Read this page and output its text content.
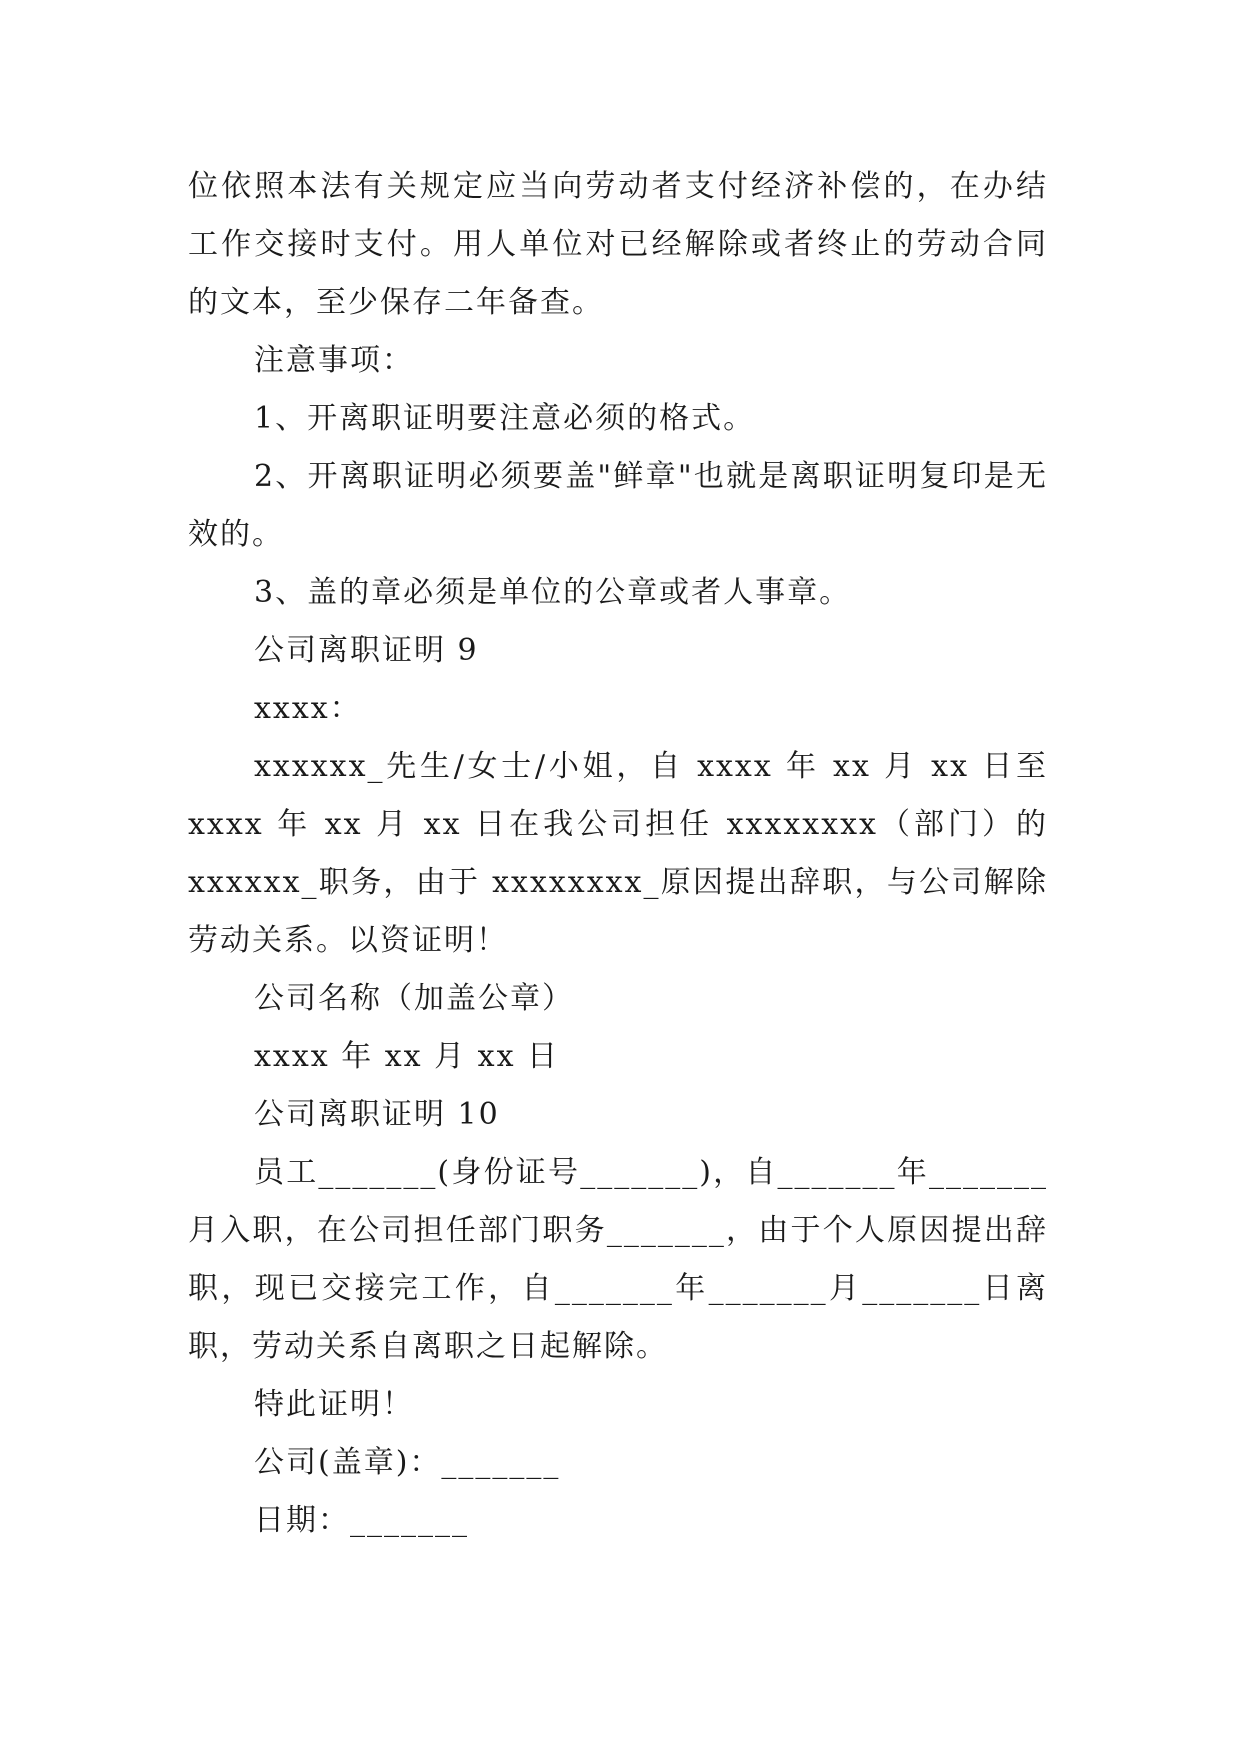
位依照本法有关规定应当向劳动者支付经济补偿的，在办结工作交接时支付。用人单位对已经解除或者终止的劳动合同的文本，至少保存二年备查。

注意事项：

1、开离职证明要注意必须的格式。

2、开离职证明必须要盖"鲜章"也就是离职证明复印是无效的。

3、盖的章必须是单位的公章或者人事章。

公司离职证明 9

xxxx：

xxxxxx_先生/女士/小姐，自 xxxx 年 xx 月 xx 日至 xxxx 年 xx 月 xx 日在我公司担任 xxxxxxxx（部门）的 xxxxxx_职务，由于 xxxxxxxx_原因提出辞职，与公司解除劳动关系。以资证明！

公司名称（加盖公章）

xxxx 年 xx 月 xx 日

公司离职证明 10

员工_______(身份证号_______)，自_______年_______月入职，在公司担任部门职务_______，由于个人原因提出辞职，现已交接完工作，自_______年_______月_______日离职，劳动关系自离职之日起解除。

特此证明！

公司(盖章)：_______

日期：_______
